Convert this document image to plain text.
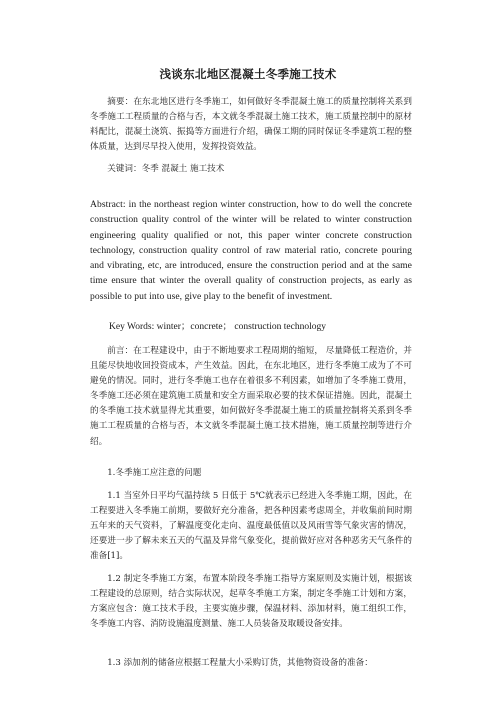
浅谈东北地区混凝土冬季施工技术

摘要：在东北地区进行冬季施工，如何做好冬季混凝土施工的质量控制将关系到冬季施工工程质量的合格与否，本文就冬季混凝土施工技术，施工质量控制中的原材料配比，混凝土浇筑、振捣等方面进行介绍，确保工期的同时保证冬季建筑工程的整体质量，达到尽早投入使用，发挥投资效益。

关键词：冬季 混凝土 施工技术

Abstract: in the northeast region winter construction, how to do well the concrete construction quality control of the winter will be related to winter construction engineering quality qualified or not, this paper winter concrete construction technology, construction quality control of raw material ratio, concrete pouring and vibrating, etc, are introduced, ensure the construction period and at the same time ensure that winter the overall quality of construction projects, as early as possible to put into use, give play to the benefit of investment.

Key Words: winter；concrete； construction technology

前言：在工程建设中，由于不断地要求工程周期的缩短， 尽量降低工程造价，并且能尽快地收回投资成本，产生效益。因此，在东北地区，进行冬季施工成为了不可避免的情况。同时，进行冬季施工也存在着很多不利因素，如增加了冬季施工费用，冬季施工还必须在建筑施工质量和安全方面采取必要的技术保证措施。因此，混凝土的冬季施工技术就显得尤其重要，如何做好冬季混凝土施工的质量控制将关系到冬季施工工程质量的合格与否，本文就冬季混凝土施工技术措施，施工质量控制等进行介绍。

1.冬季施工应注意的问题

1.1 当室外日平均气温持续 5 日低于 5℃就表示已经进入冬季施工期，因此，在工程要进入冬季施工前期，要做好充分准备，把各种因素考虑周全，并收集前间时期五年来的天气资料，了解温度变化走向、温度最低值以及风雨雪等气象灾害的情况，还要进一步了解未来五天的气温及异常气象变化，提前做好应对各种恶劣天气条件的准备[1]。

1.2 制定冬季施工方案，布置本阶段冬季施工指导方案原则及实施计划，根据该工程建设的总原则，结合实际状况，起草冬季施工方案，制定冬季施工计划和方案，方案应包含：施工技术手段，主要实施步骤，保温材料、添加材料，施工组织工作，冬季施工内容、消防设施温度测量、施工人员装备及取暖设备安排。

1.3 添加剂的储备应根据工程量大小采购订货，其他物资设备的准备：
